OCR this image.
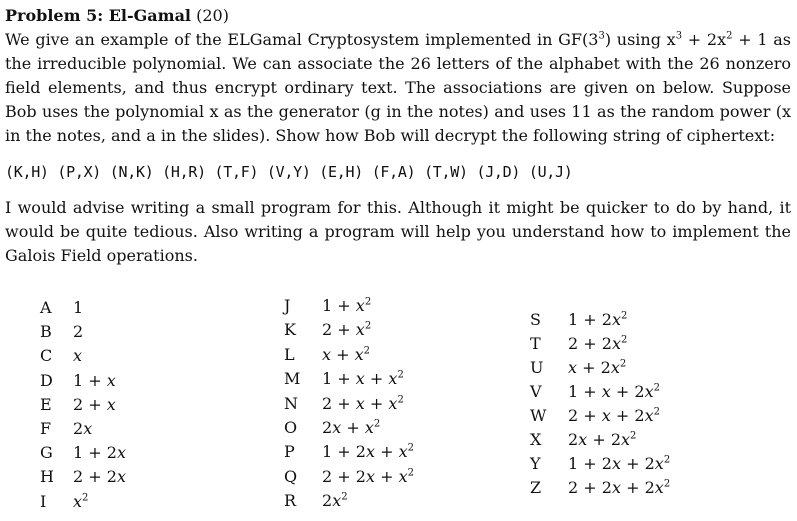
Problem 5: El-Gamal (20)

We give an example of the ELGamal Cryptosystem implemented in $GF(3^3)$ using $x^3 + 2x^2 + 1$ as the irreducible polynomial. We can associate the 26 letters of the alphabet with the 26 nonzero field elements, and thus encrypt ordinary text. The associations are given on below. Suppose Bob uses the polynomial x as the generator (g in the notes) and uses 11 as the random power (x in the notes, and a in the slides). Show how Bob will decrypt the following string of ciphertext:

(K,H) (P,X) (N,K) (H,R) (T,F) (V,Y) (E,H) (F,A) (T,W) (J,D) (U,J)

I would advise writing a small program for this. Although it might be quicker to do by hand, it would be quite tedious. Also writing a program will help you understand how to implement the Galois Field operations.

A 1
B 2
C x
D 1 + x
E 2 + x
F 2x
G 1 + 2x
H 2 + 2x
I $x^2$
J $1 + x^2$
K $2 + x^2$
L $x + x^2$
M $1 + x + x^2$
N $2 + x + x^2$
O $2x + x^2$
P $1 + 2x + x^2$
Q $2 + 2x + x^2$
R $2x^2$
S $1 + 2x^2$
T $2 + 2x^2$
U $x + 2x^2$
V $1 + x + 2x^2$
W $2 + x + 2x^2$
X $2x + 2x^2$
Y $1 + 2x + 2x^2$
Z $2 + 2x + 2x^2$
